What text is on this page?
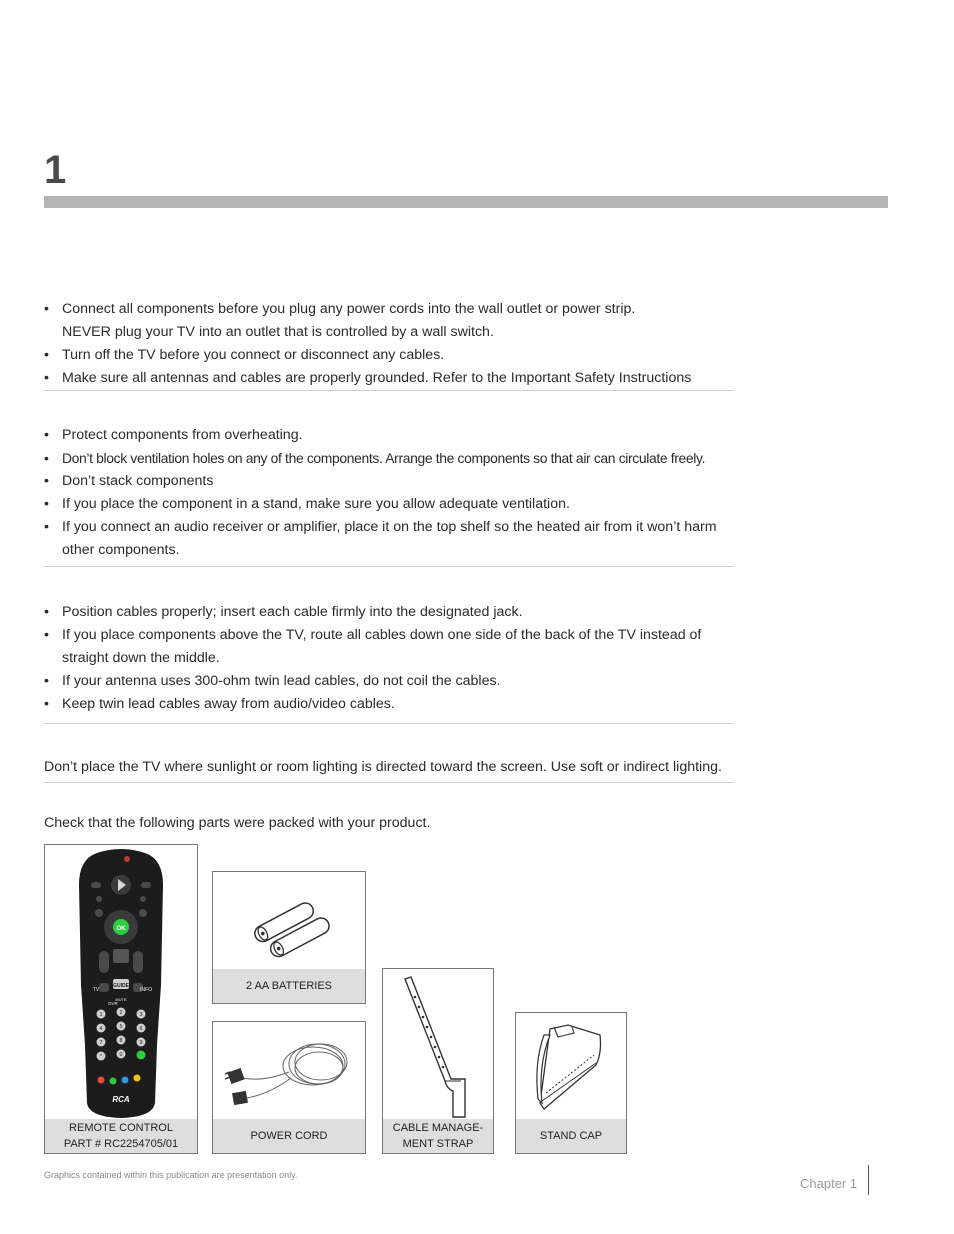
1
• Connect all components before you plug any power cords into the wall outlet or power strip.
NEVER plug your TV into an outlet that is controlled by a wall switch.
• Turn off the TV before you connect or disconnect any cables.
• Make sure all antennas and cables are properly grounded. Refer to the Important Safety Instructions
• Protect components from overheating.
• Don’t block ventilation holes on any of the components. Arrange the components so that air can circulate freely.
• Don’t stack components
• If you place the component in a stand, make sure you allow adequate ventilation.
• If you connect an audio receiver or amplifier, place it on the top shelf so the heated air from it won’t harm other components.
• Position cables properly; insert each cable firmly into the designated jack.
• If you place components above the TV, route all cables down one side of the back of the TV instead of straight down the middle.
• If your antenna uses 300-ohm twin lead cables, do not coil the cables.
• Keep twin lead cables away from audio/video cables.
Don’t place the TV where sunlight or room lighting is directed toward the screen. Use soft or indirect lighting.
Check that the following parts were packed with your product.
OK
GUIDE
TV	INFO
MUTE
DVR
1	2	3
4	5	6
7	8	9
*	0
RCA
REMOTE CONTROL
PART # RC2254705/01
2 AA BATTERIES
POWER CORD
CABLE MANAGE-
MENT STRAP
STAND CAP
Graphics contained within this publication are presentation only.
Chapter 1
